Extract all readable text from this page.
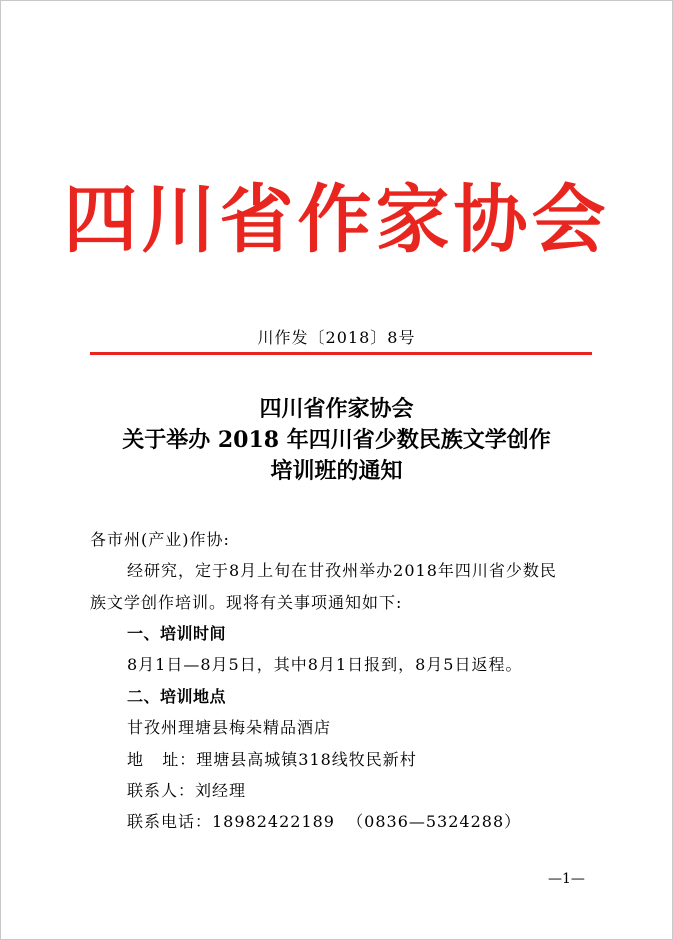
四川省作家协会
川作发〔2018〕8号
四川省作家协会
关于举办 2018 年四川省少数民族文学创作
培训班的通知
各市州(产业)作协:
经研究，定于8月上旬在甘孜州举办2018年四川省少数民
族文学创作培训。现将有关事项通知如下:
一、培训时间
8月1日—8月5日，其中8月1日报到，8月5日返程。
二、培训地点
甘孜州理塘县梅朵精品酒店
地   址：理塘县高城镇318线牧民新村
联系人：刘经理
联系电话：18982422189  （0836—5324288）
—1—
